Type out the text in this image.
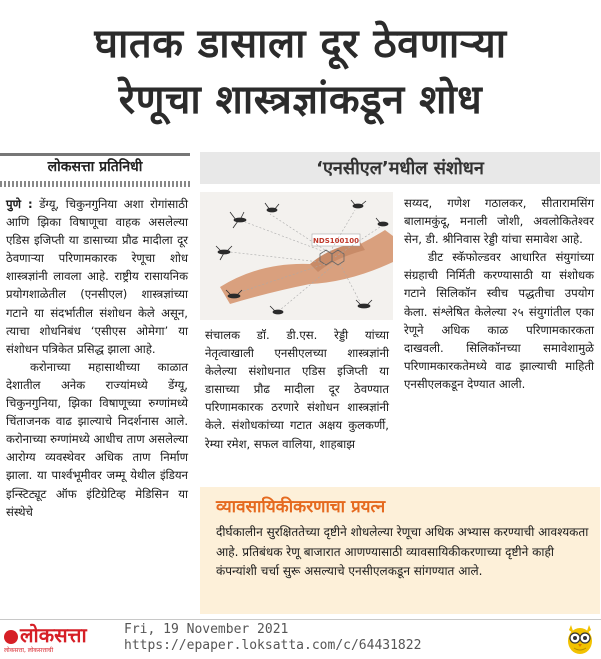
घातक डासाला दूर ठेवणाऱ्या
रेणूचा शास्त्रज्ञांकडून शोध
लोकसत्ता प्रतिनिधी	‘एनसीएल’मधील संशोधन

पुणे : डेंग्यू, चिकुनगुनिया अशा रोगांसाठी आणि झिका विषाणूचा वाहक असलेल्या एडिस इजिप्ती या डासाच्या प्रौढ मादीला दूर ठेवणाऱ्या परिणामकारक रेणूचा शोध शास्त्रज्ञांनी लावला आहे. राष्ट्रीय रासायनिक प्रयोगशाळेतील (एनसीएल) शास्त्रज्ञांच्या गटाने या संदर्भातील संशोधन केले असून, त्याचा शोधनिबंध ‘एसीएस ओमेगा’ या संशोधन पत्रिकेत प्रसिद्ध झाला आहे.

करोनाच्या महासाथीच्या काळात देशातील अनेक राज्यांमध्ये डेंग्यू, चिकुनगुनिया, झिका विषाणूच्या रुग्णांमध्ये चिंताजनक वाढ झाल्याचे निदर्शनास आले. करोनाच्या रुग्णांमध्ये आधीच ताण असलेल्या आरोग्य व्यवस्थेवर अधिक ताण निर्माण झाला. या पार्श्वभूमीवर जम्मू येथील इंडियन इन्स्टिट्यूट ऑफ इंटिग्रेटिव्ह मेडिसिन या संस्थेचे

NDS100100

संचालक डॉ. डी.एस. रेड्डी यांच्या नेतृत्वाखाली एनसीएलच्या शास्त्रज्ञांनी केलेल्या संशोधनात एडिस इजिप्ती या डासाच्या प्रौढ मादीला दूर ठेवण्यात परिणामकारक ठरणारे संशोधन शास्त्रज्ञांनी केले. संशोधकांच्या गटात अक्षय कुलकर्णी, रेम्या रमेश, सफल वालिया, शाहबाझ

सय्यद, गणेश गठालकर, सीतारामसिंग बालामकुंदू, मनाली जोशी, अवलोकितेश्वर सेन, डी. श्रीनिवास रेड्डी यांचा समावेश आहे.

डीट स्कॅफोल्डवर आधारित संयुगांच्या संग्रहाची निर्मिती करण्यासाठी या संशोधक गटाने सिलिकॉन स्वीच पद्धतीचा उपयोग केला. संश्लेषित केलेल्या २५ संयुगांतील एका रेणूने अधिक काळ परिणामकारकता दाखवली. सिलिकॉनच्या समावेशामुळे परिणामकारकतेमध्ये वाढ झाल्याची माहिती एनसीएलकडून देण्यात आली.

व्यावसायिकीकरणाचा प्रयत्न
दीर्घकालीन सुरक्षिततेच्या दृष्टीने शोधलेल्या रेणूचा अधिक अभ्यास करण्याची आवश्यकता आहे. प्रतिबंधक रेणू बाजारात आणण्यासाठी व्यावसायिकीकरणाच्या दृष्टीने काही कंपन्यांशी चर्चा सुरू असल्याचे एनसीएलकडून सांगण्यात आले.
लोकसत्ता
लोकसत्ता, लोकसत्ताची
Fri, 19 November 2021
https://epaper.loksatta.com/c/64431822
